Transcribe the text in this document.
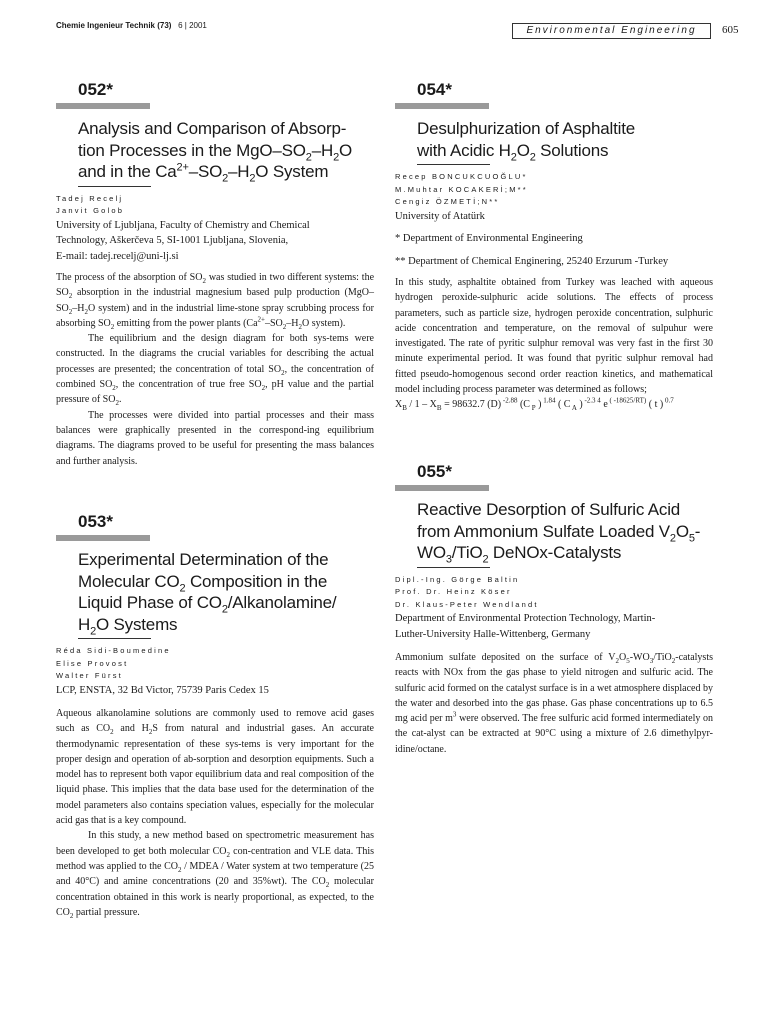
Chemie Ingenieur Technik (73) 6 | 2001	Environmental Engineering	605
052*
Analysis and Comparison of Absorp-
tion Processes in the MgO–$SO_2-H_2O$
and in the $Ca^{2+}-SO_2-H_2O$ System
Tadej Recelj
Janvit Golob
University of Ljubljana, Faculty of Chemistry and Chemical
Technology, Aškerčeva 5, SI-1001 Ljubljana, Slovenia,
E-mail: tadej.recelj@uni-lj.si

The process of the absorption of $SO_2$ was studied in two different systems: the $SO_2$ absorption in the industrial magnesium based pulp production ($MgO-SO_2-H_2O$ system) and in the industrial lime-stone spray scrubbing process for absorbing $SO_2$ emitting from the power plants ($Ca^{2+}-SO_2-H_2O$ system).

The equilibrium and the design diagram for both sys-tems were constructed. In the diagrams the crucial variables for describing the actual processes are presented; the concentration of total $SO_2$, the concentration of combined $SO_2$, the concentration of true free $SO_2$, pH value and the partial pressure of $SO_2$.

The processes were divided into partial processes and their mass balances were graphically presented in the correspond-ing equilibrium diagrams. The diagrams proved to be useful for presenting the mass balances and further analysis.

053*
Experimental Determination of the
Molecular $CO_2$ Composition in the
Liquid Phase of $CO_2/Alkanolamine/$
$H_2O$ Systems
Réda Sidi-Boumedine
Elise Provost
Walter Fürst
LCP, ENSTA, 32 Bd Victor, 75739 Paris Cedex 15

Aqueous alkanolamine solutions are commonly used to remove acid gases such as $CO_2$ and $H_2S$ from natural and industrial gases. An accurate thermodynamic representation of these sys-tems is very important for the proper design and operation of ab-sorption and desorption equipments. Such a model has to represent both vapor equilibrium data and real composition of the liquid phase. This implies that the data base used for the determination of the model parameters also contains speciation values, especially for the molecular acid gas that is a key compound.

In this study, a new method based on spectrometric measurement has been developed to get both molecular $CO_2$ con-centration and VLE data. This method was applied to the $CO_2$ / MDEA / Water system at two temperature (25 and 40°C) and amine concentrations (20 and 35%wt). The $CO_2$ molecular concentration obtained in this work is nearly proportional, as expected, to the $CO_2$ partial pressure.

054*
Desulphurization of Asphaltite
with Acidic $H_2O_2$ Solutions
Recep BONCUKCUOĞLU*
M.Muhtar KOCAKERİ;M**
Cengiz ÖZMETİ;N**
University of Atatürk
* Department of Environmental Engineering
** Department of Chemical Enginering, 25240 Erzurum -Turkey

In this study, asphaltite obtained from Turkey was leached with aqueous hydrogen peroxide-sulphuric acide solutions. The effects of process parameters, such as particle size, hydrogen peroxide concentration, sulphuric acide concentration and temperature, on the removal of sulpuhur were investigated. The rate of pyritic sulphur removal was very fast in the first 30 minute experimental period. It was found that pyritic sulphur removal had fitted pseudo-homogenous second order reaction kinetics, and mathematical model including process parameter was determined as follows;

$X_B / 1 - X_B = 98632.7$ (D) $^{-2.88}$ (C $_P$ ) $^{1.84}$ ( C $_A$ ) $^{-2.3 4}$ e $^{( -18625/RT)}$ ( t ) $^{0.7}$

055*
Reactive Desorption of Sulfuric Acid
from Ammonium Sulfate Loaded $V_2O_5-$
$WO_3/TiO_2$ DeNOx-Catalysts
Dipl.-Ing. Görge Baltin
Prof. Dr. Heinz Köser
Dr. Klaus-Peter Wendlandt
Department of Environmental Protection Technology, Martin-
Luther-University Halle-Wittenberg, Germany

Ammonium sulfate deposited on the surface of $V_2O_5-WO_3/TiO_2$-catalysts reacts with NOx from the gas phase to yield nitrogen and sulfuric acid. The sulfuric acid formed on the catalyst surface is in a wet atmosphere displaced by the water and desorbed into the gas phase. Gas phase concentrations up to 6.5 mg acid per $m^3$ were observed. The free sulfuric acid formed intermediately on the cat-alyst can be extracted at 90°C using a mixture of 2.6 dimethylpyr-idine/octane.
